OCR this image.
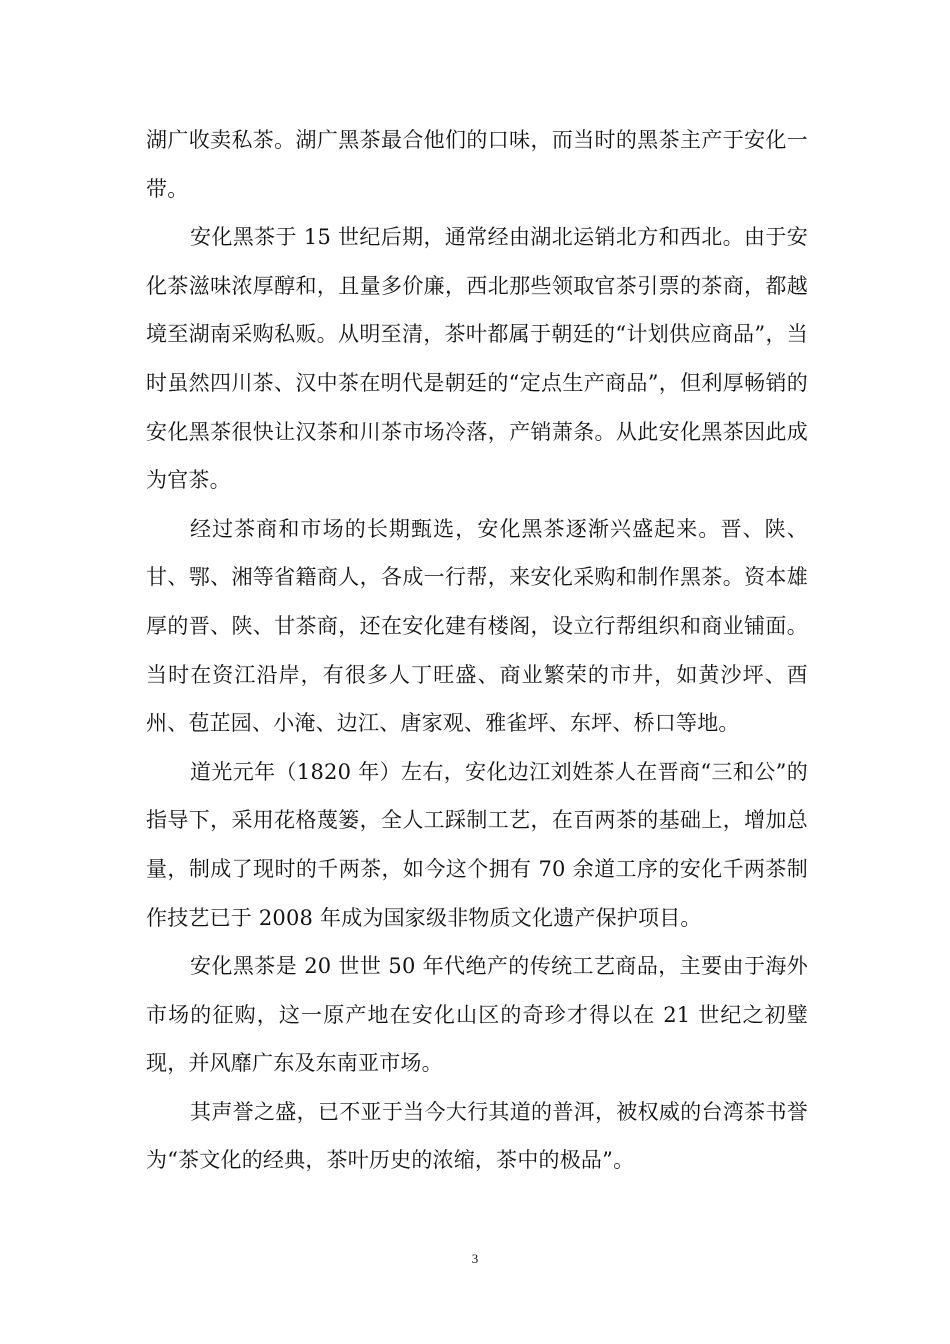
湖广收卖私茶。湖广黑茶最合他们的口味，而当时的黑茶主产于安化一带。

安化黑茶于 15 世纪后期，通常经由湖北运销北方和西北。由于安化茶滋味浓厚醇和，且量多价廉，西北那些领取官茶引票的茶商，都越境至湖南采购私贩。从明至清，茶叶都属于朝廷的“计划供应商品”，当时虽然四川茶、汉中茶在明代是朝廷的“定点生产商品”，但利厚畅销的安化黑茶很快让汉茶和川茶市场冷落，产销萧条。从此安化黑茶因此成为官茶。

经过茶商和市场的长期甄选，安化黑茶逐渐兴盛起来。晋、陕、甘、鄂、湘等省籍商人，各成一行帮，来安化采购和制作黑茶。资本雄厚的晋、陕、甘茶商，还在安化建有楼阁，设立行帮组织和商业铺面。当时在资江沿岸，有很多人丁旺盛、商业繁荣的市井，如黄沙坪、酉州、苞芷园、小淹、边江、唐家观、雅雀坪、东坪、桥口等地。

道光元年（1820 年）左右，安化边江刘姓茶人在晋商“三和公”的指导下，采用花格蔑篓，全人工踩制工艺，在百两茶的基础上，增加总量，制成了现时的千两茶，如今这个拥有 70 余道工序的安化千两茶制作技艺已于 2008 年成为国家级非物质文化遗产保护项目。

安化黑茶是 20 世世 50 年代绝产的传统工艺商品，主要由于海外市场的征购，这一原产地在安化山区的奇珍才得以在 21 世纪之初璧现，并风靡广东及东南亚市场。

其声誉之盛，已不亚于当今大行其道的普洱，被权威的台湾茶书誉为“茶文化的经典，茶叶历史的浓缩，茶中的极品”。

3
